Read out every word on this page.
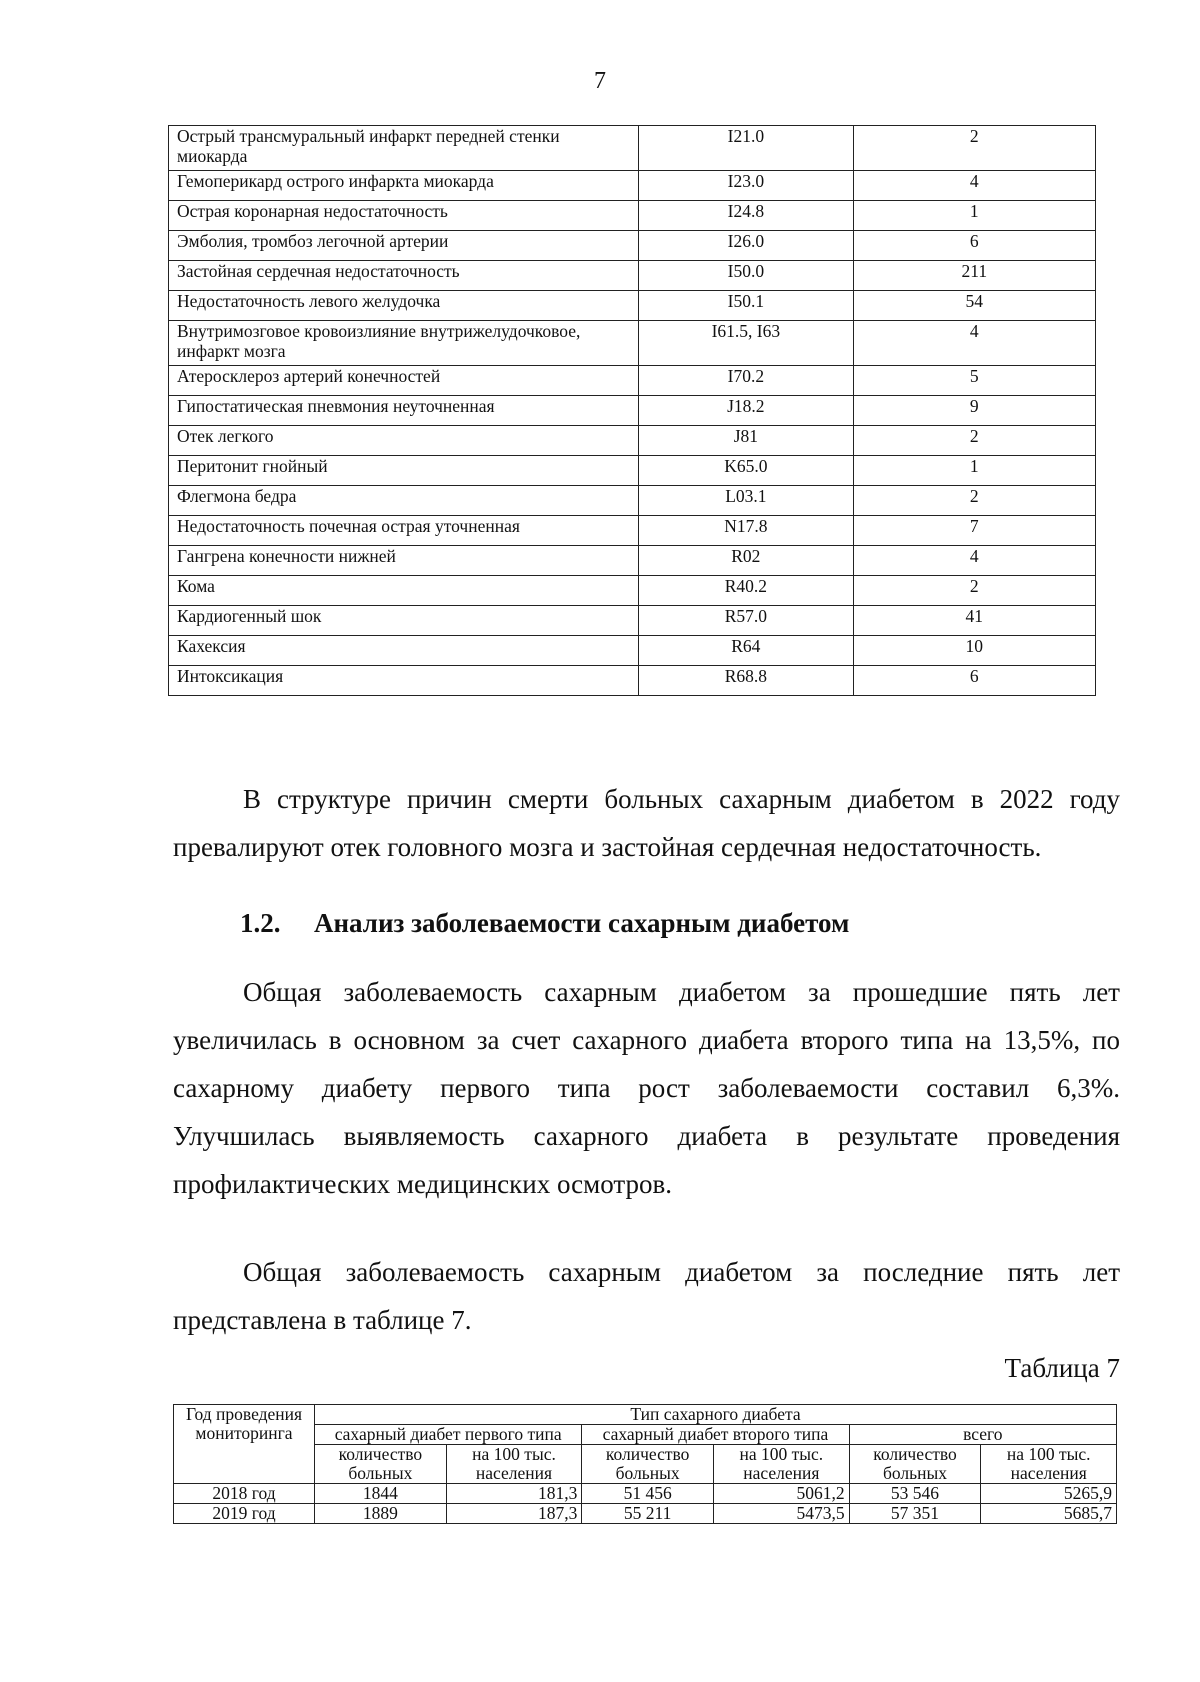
7
Острый трансмуральный инфаркт передней стенки миокарда	I21.0	2
Гемоперикард острого инфаркта миокарда	I23.0	4
Острая коронарная недостаточность	I24.8	1
Эмболия, тромбоз легочной артерии	I26.0	6
Застойная сердечная недостаточность	I50.0	211
Недостаточность левого желудочка	I50.1	54
Внутримозговое кровоизлияние внутрижелудочковое, инфаркт мозга	I61.5, I63	4
Атеросклероз артерий конечностей	I70.2	5
Гипостатическая пневмония неуточненная	J18.2	9
Отек легкого	J81	2
Перитонит гнойный	K65.0	1
Флегмона бедра	L03.1	2
Недостаточность почечная острая уточненная	N17.8	7
Гангрена конечности нижней	R02	4
Кома	R40.2	2
Кардиогенный шок	R57.0	41
Кахексия	R64	10
Интоксикация	R68.8	6
В структуре причин смерти больных сахарным диабетом в 2022 году превалируют отек головного мозга и застойная сердечная недостаточность.
1.2. Анализ заболеваемости сахарным диабетом
Общая заболеваемость сахарным диабетом за прошедшие пять лет увеличилась в основном за счет сахарного диабета второго типа на 13,5%, по сахарному диабету первого типа рост заболеваемости составил 6,3%. Улучшилась выявляемость сахарного диабета в результате проведения профилактических медицинских осмотров.
Общая заболеваемость сахарным диабетом за последние пять лет представлена в таблице 7.
Таблица 7
Год проведения мониторинга	Тип сахарного диабета					
	сахарный диабет первого типа		сахарный диабет второго типа		всего	
	количество больных	на 100 тыс. населения	количество больных	на 100 тыс. населения	количество больных	на 100 тыс. населения
2018 год	1844	181,3	51 456	5061,2	53 546	5265,9
2019 год	1889	187,3	55 211	5473,5	57 351	5685,7
